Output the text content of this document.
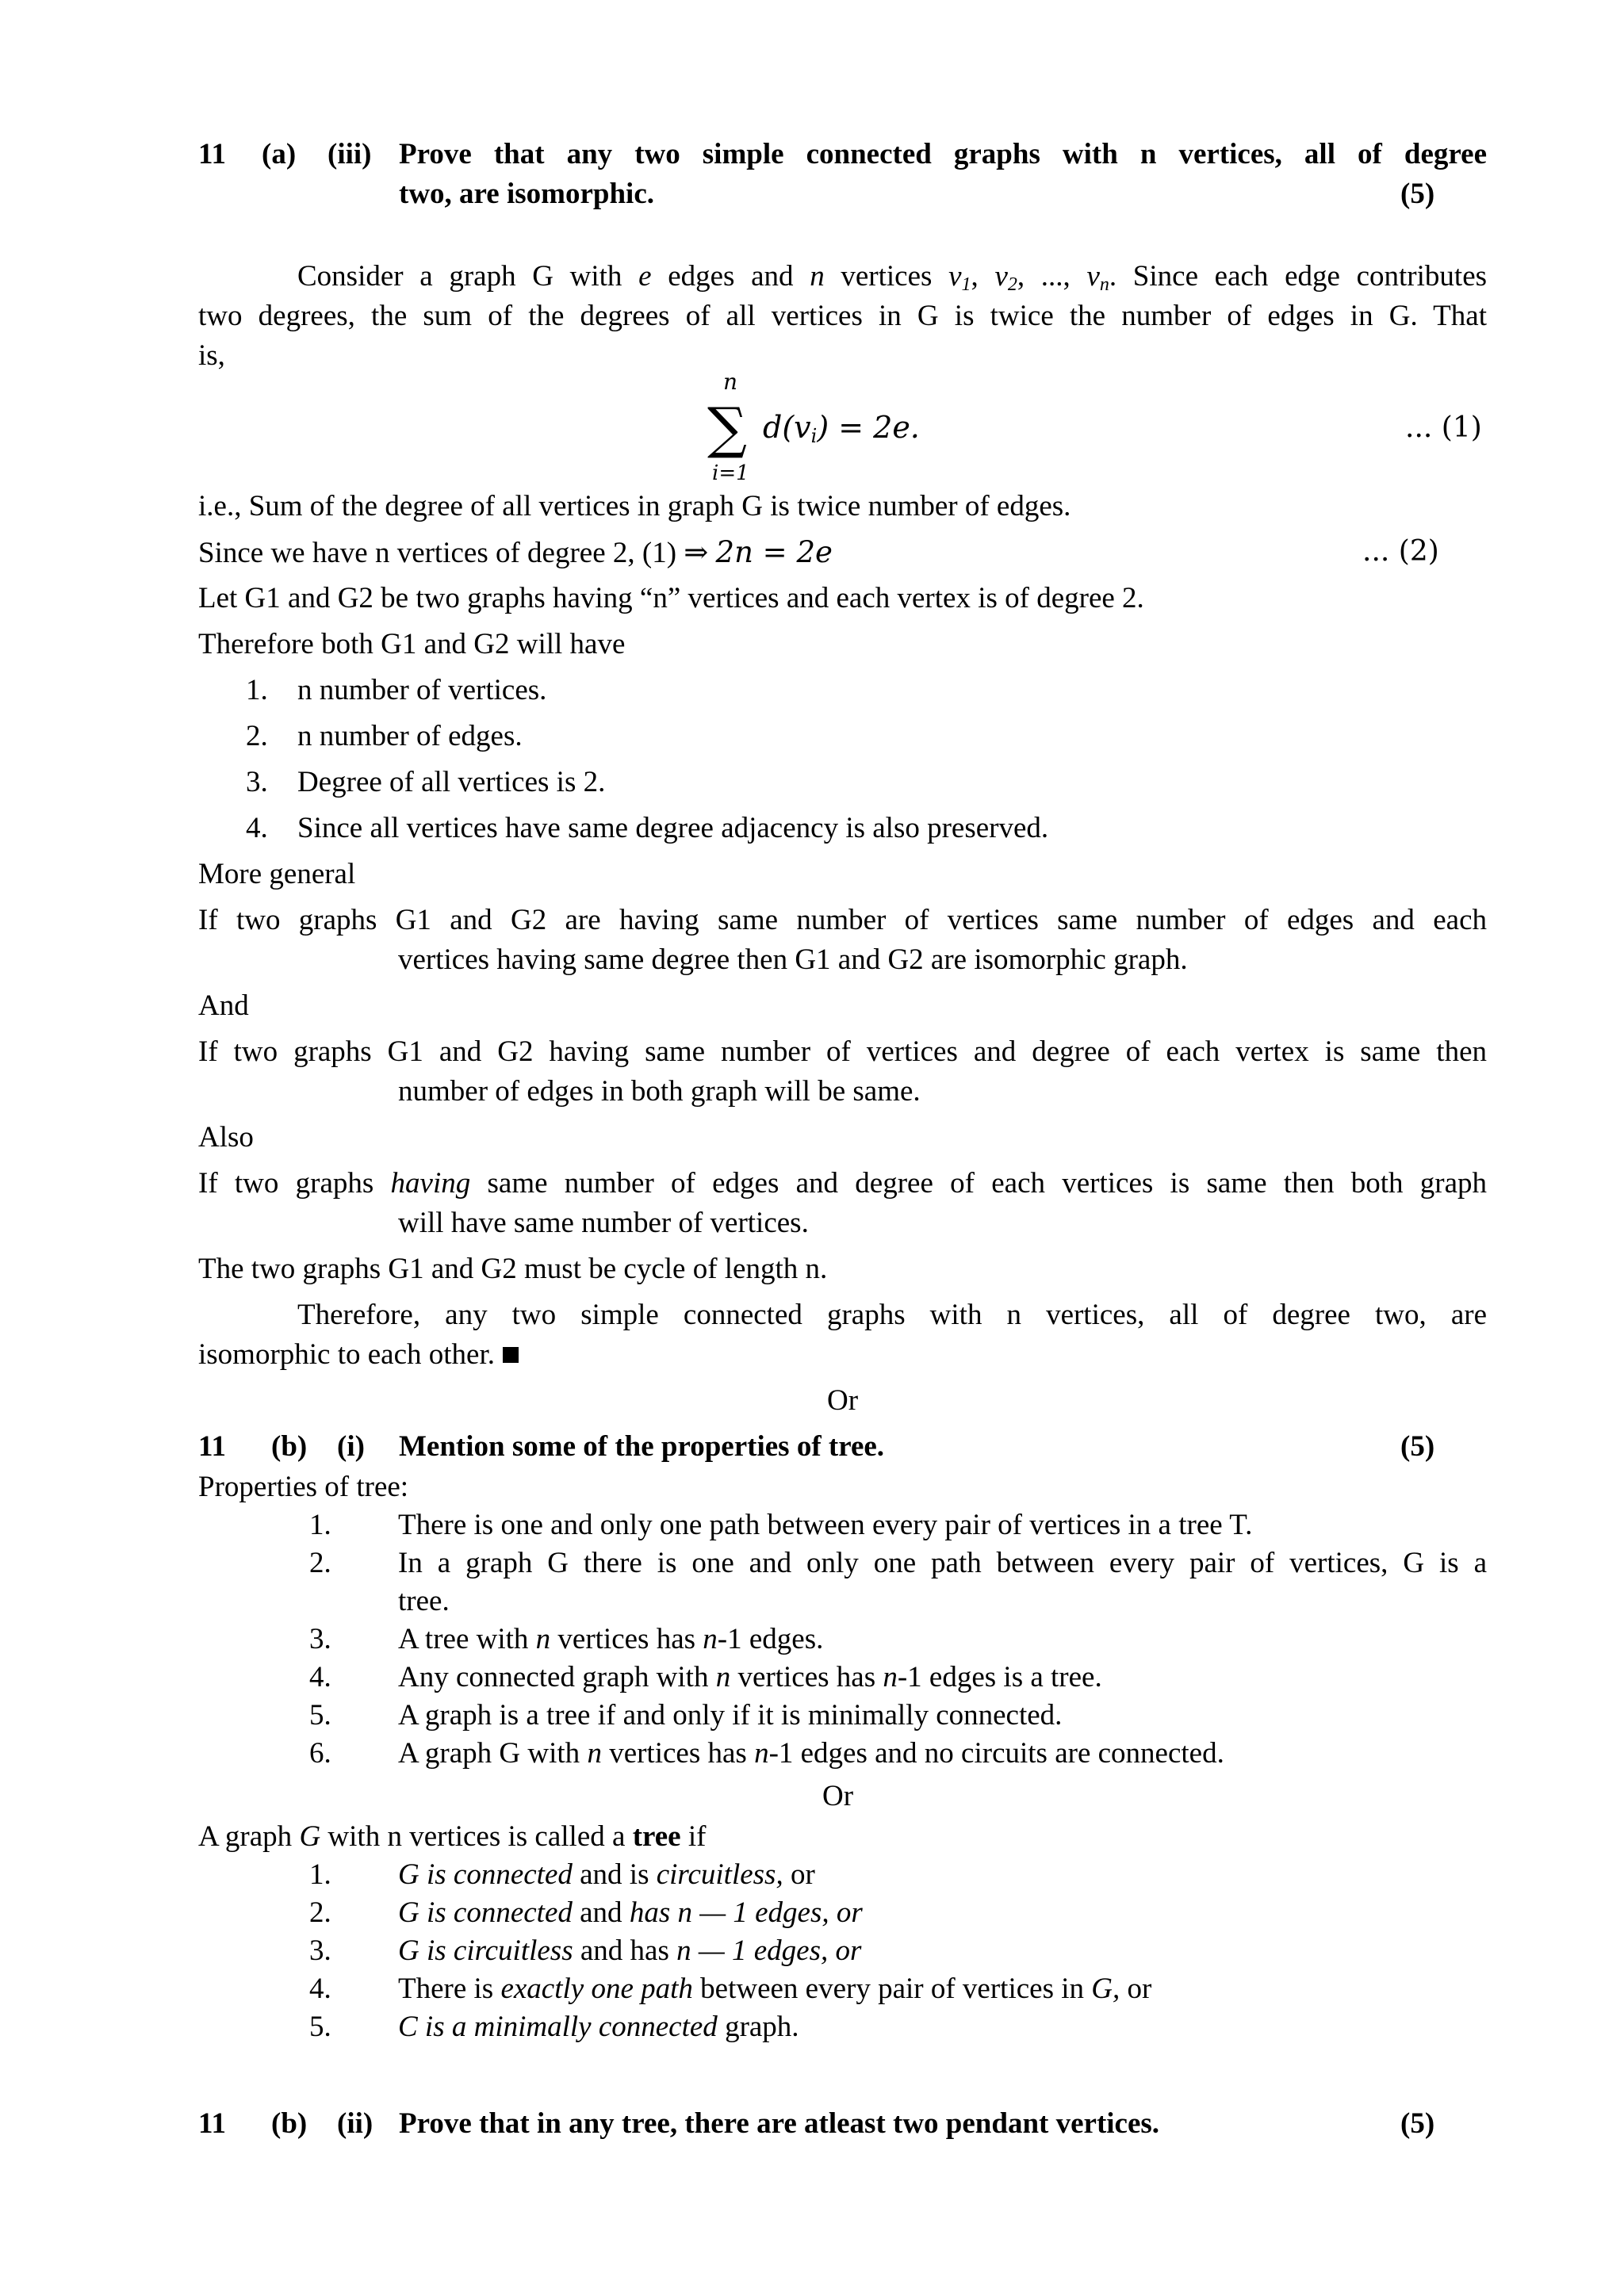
11 (a) (iii) Prove that any two simple connected graphs with n vertices, all of degree
two, are isomorphic.	(5)
Consider a graph G with e edges and n vertices $v_1$, $v_2$, ..., $v_n$. Since each edge contributes
two degrees, the sum of the degrees of all vertices in G is twice the number of edges in G. That
is,
n
∑
i=1
$d(v_i) = 2e$.	... (1)
i.e., Sum of the degree of all vertices in graph G is twice number of edges.
Since we have n vertices of degree 2, (1) ⇒ 2n = 2e	... (2)
Let G1 and G2 be two graphs having “n” vertices and each vertex is of degree 2.
Therefore both G1 and G2 will have
1. n number of vertices.
2. n number of edges.
3. Degree of all vertices is 2.
4. Since all vertices have same degree adjacency is also preserved.
More general
If two graphs G1 and G2 are having same number of vertices same number of edges and each
vertices having same degree then G1 and G2 are isomorphic graph.
And
If two graphs G1 and G2 having same number of vertices and degree of each vertex is same then
number of edges in both graph will be same.
Also
If two graphs having same number of edges and degree of each vertices is same then both graph
will have same number of vertices.
The two graphs G1 and G2 must be cycle of length n.
Therefore, any two simple connected graphs with n vertices, all of degree two, are
isomorphic to each other.
Or
11 (b) (i) Mention some of the properties of tree.	(5)
Properties of tree:
1. There is one and only one path between every pair of vertices in a tree T.
2. In a graph G there is one and only one path between every pair of vertices, G is a
tree.
3. A tree with n vertices has n-1 edges.
4. Any connected graph with n vertices has n-1 edges is a tree.
5. A graph is a tree if and only if it is minimally connected.
6. A graph G with n vertices has n-1 edges and no circuits are connected.
Or
A graph G with n vertices is called a tree if
1. G is connected and is circuitless, or
2. G is connected and has n — 1 edges, or
3. G is circuitless and has n — 1 edges, or
4. There is exactly one path between every pair of vertices in G, or
5. C is a minimally connected graph.
11 (b) (ii) Prove that in any tree, there are atleast two pendant vertices.	(5)
